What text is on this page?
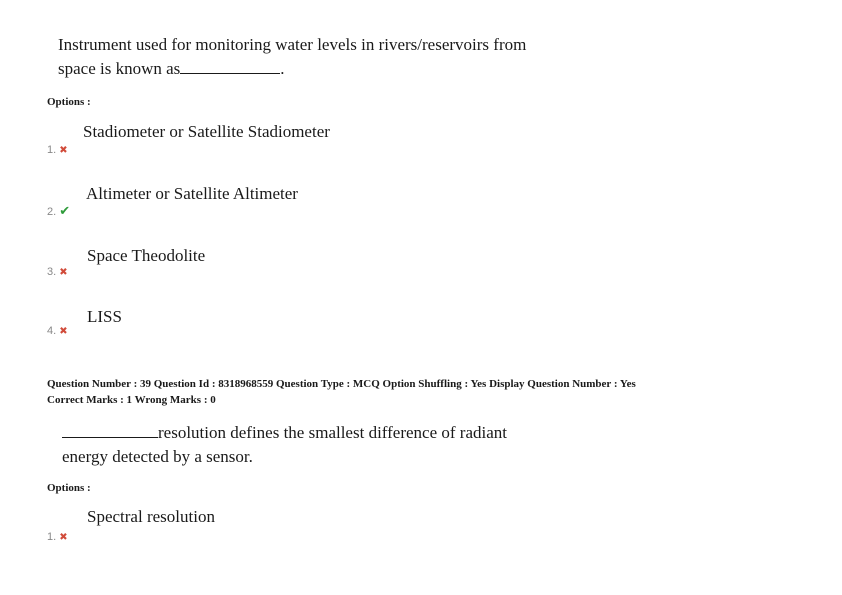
Instrument used for monitoring water levels in rivers/reservoirs from
space is known as	.
Options :
Stadiometer or Satellite Stadiometer
1. ✖
Altimeter or Satellite Altimeter
2. ✔
Space Theodolite
3. ✖
LISS
4. ✖
Question Number : 39 Question Id : 8318968559 Question Type : MCQ Option Shuffling : Yes Display Question Number : Yes
Correct Marks : 1 Wrong Marks : 0
resolution defines the smallest difference of radiant
energy detected by a sensor.
Options :
Spectral resolution
1. ✖
